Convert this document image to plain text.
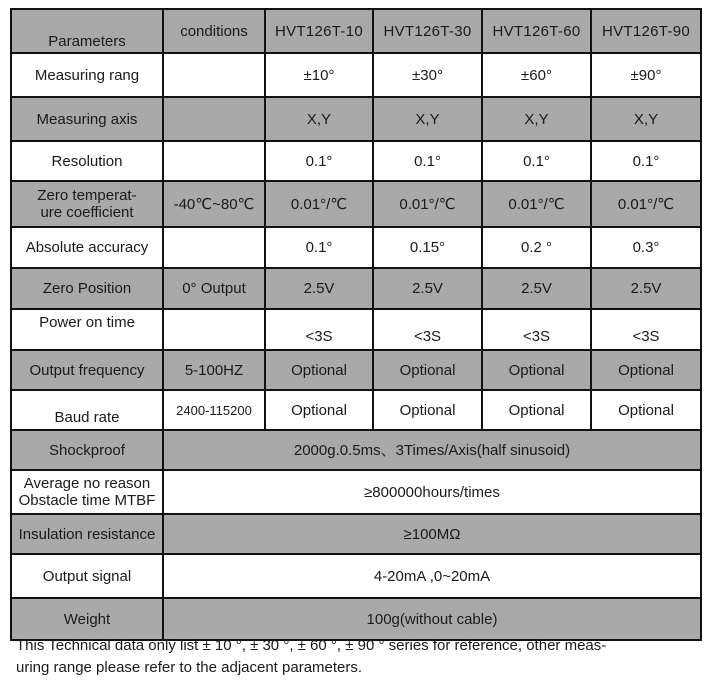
Parameters	conditions	HVT126T-10	HVT126T-30	HVT126T-60	HVT126T-90
Measuring rang		±10°	±30°	±60°	±90°
Measuring axis		X,Y	X,Y	X,Y	X,Y
Resolution		0.1°	0.1°	0.1°	0.1°
Zero temperat-
ure coefficient	-40℃~80℃	0.01°/℃	0.01°/℃	0.01°/℃	0.01°/℃
Absolute accuracy		0.1°	0.15°	0.2 °	0.3°
Zero Position	0° Output	2.5V	2.5V	2.5V	2.5V
Power on time		<3S	<3S	<3S	<3S
Output frequency	5-100HZ	Optional	Optional	Optional	Optional
Baud rate	2400-115200	Optional	Optional	Optional	Optional
Shockproof	2000g.0.5ms、3Times/Axis(half sinusoid)				
Average no reason
Obstacle time MTBF	≥800000hours/times				
Insulation resistance	≥100MΩ				
Output signal	4-20mA ,0~20mA				
Weight	100g(without cable)				
This Technical data only list ± 10 °, ± 30 °, ± 60 °, ± 90 ° series for reference, other meas-
uring range please refer to the adjacent parameters.
